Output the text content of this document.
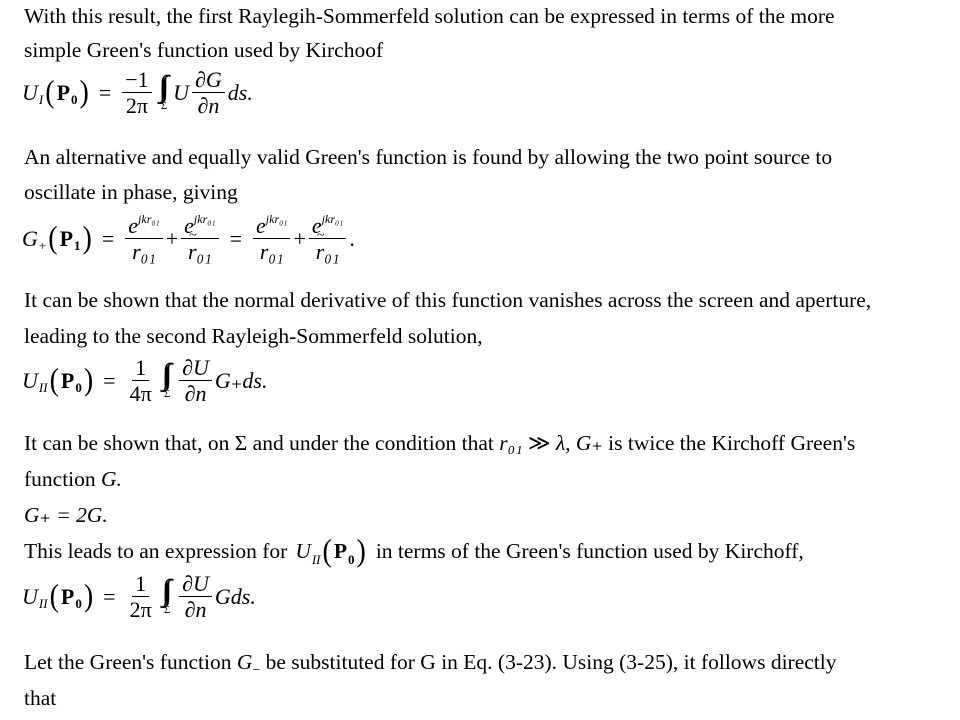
With this result, the first Raylegih-Sommerfeld solution can be expressed in terms of the more
simple Green's function used by Kirchoof
U I ( P 0 ) = $\frac{-1}{2\pi}$ ∫∫
Σ
U $\frac{\partial G}{\partial n}$ ds.
An alternative and equally valid Green's function is found by allowing the two point source to
oscillate in phase, giving
G + ( P 1 ) = $\frac{e^{jkr_{01}}}{\text{r₀₁}} + e^{jkr_{01}}$
~ $r_{01} = \frac{e^{jkr_{01}}}{\text{r₀₁}} + e^{jkr_{01}}$
~ r₀₁ .
It can be shown that the normal derivative of this function vanishes across the screen and aperture,
leading to the second Rayleigh-Sommerfeld solution,
U II ( P 0 ) = $\frac{1}{4\pi}$ ∫∫
Σ $\frac{\partial U}{\partial n} G_+ds$.
It can be shown that, on Σ and under the condition that r₀₁ ≫ λ, G₊ is twice the Kirchoff Green's
function G.
G₊ = 2G.
This leads to an expression for U II ( P 0 ) in terms of the Green's function used by Kirchoff,
U II ( P 0 ) = $\frac{1}{2\pi}$ ∫∫
Σ $\frac{\partial U}{\partial n}$ Gds.
Let the Green's function $G_-$ be substituted for G in Eq. (3-23). Using (3-25), it follows directly
that
